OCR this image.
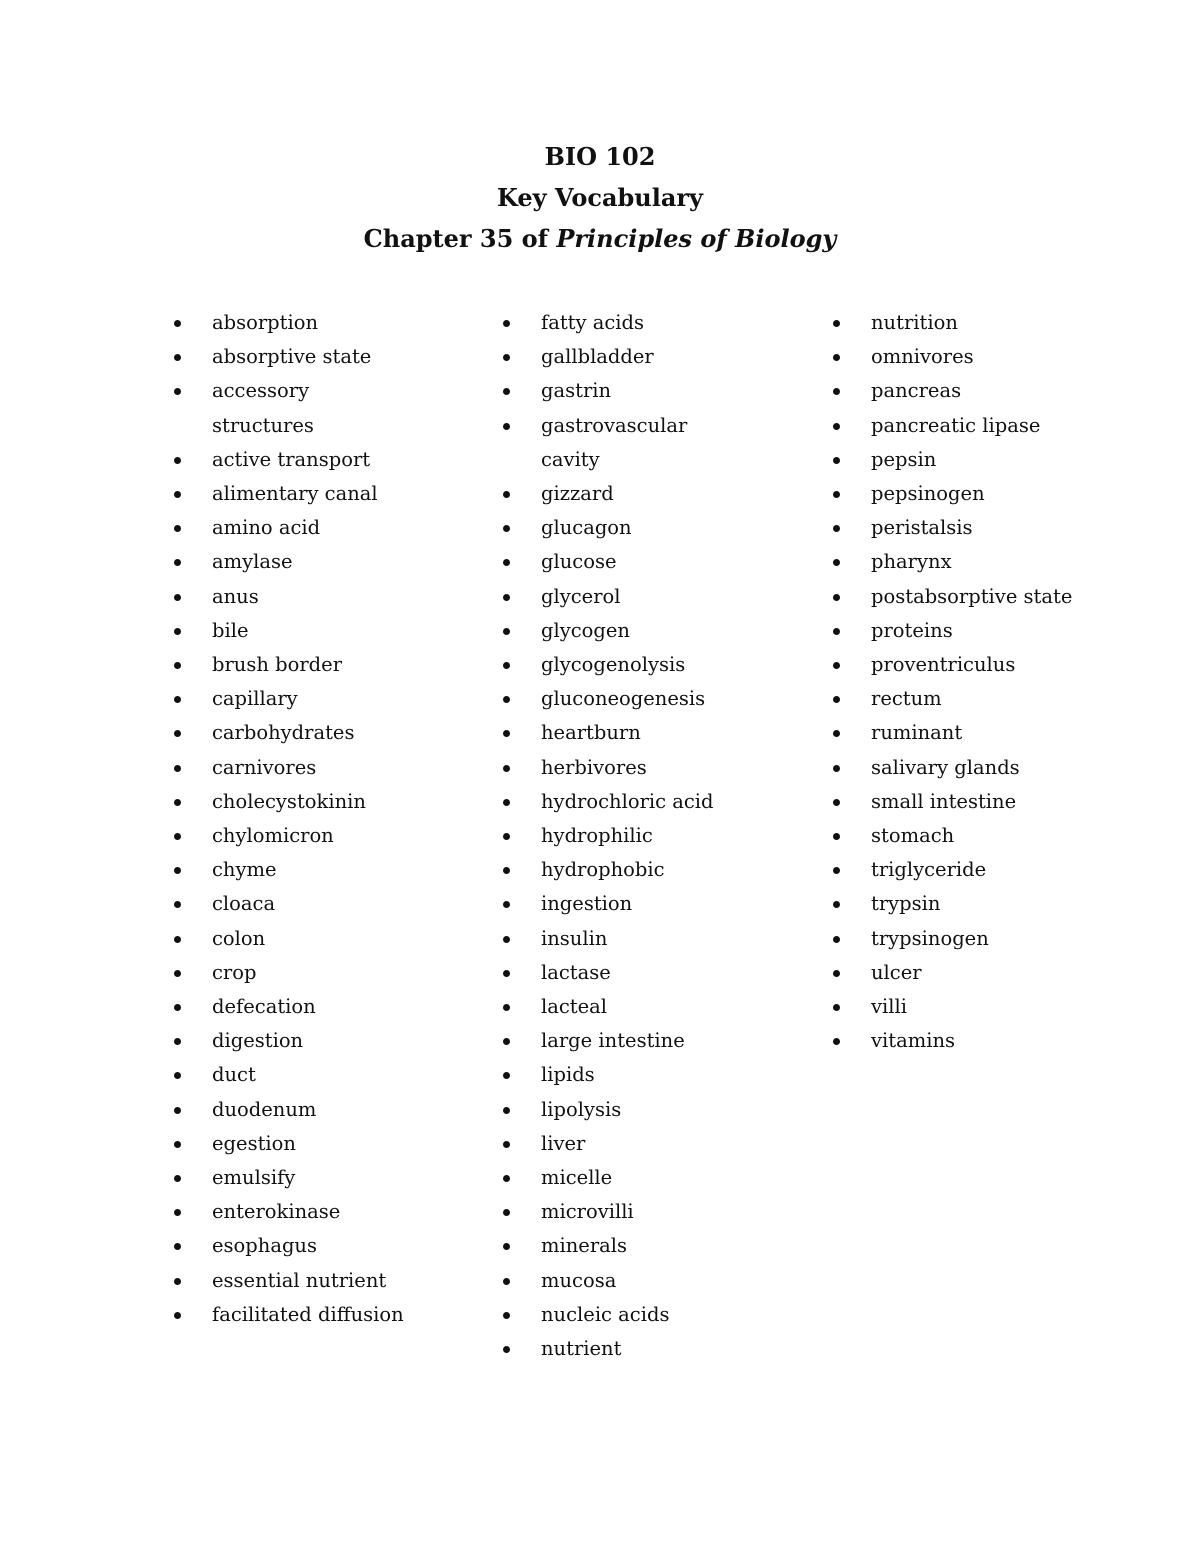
BIO 102
Key Vocabulary
Chapter 35 of Principles of Biology
absorption
absorptive state
accessory structures
active transport
alimentary canal
amino acid
amylase
anus
bile
brush border
capillary
carbohydrates
carnivores
cholecystokinin
chylomicron
chyme
cloaca
colon
crop
defecation
digestion
duct
duodenum
egestion
emulsify
enterokinase
esophagus
essential nutrient
facilitated diffusion
fatty acids
gallbladder
gastrin
gastrovascular cavity
gizzard
glucagon
glucose
glycerol
glycogen
glycogenolysis
gluconeogenesis
heartburn
herbivores
hydrochloric acid
hydrophilic
hydrophobic
ingestion
insulin
lactase
lacteal
large intestine
lipids
lipolysis
liver
micelle
microvilli
minerals
mucosa
nucleic acids
nutrient
nutrition
omnivores
pancreas
pancreatic lipase
pepsin
pepsinogen
peristalsis
pharynx
postabsorptive state
proteins
proventriculus
rectum
ruminant
salivary glands
small intestine
stomach
triglyceride
trypsin
trypsinogen
ulcer
villi
vitamins
